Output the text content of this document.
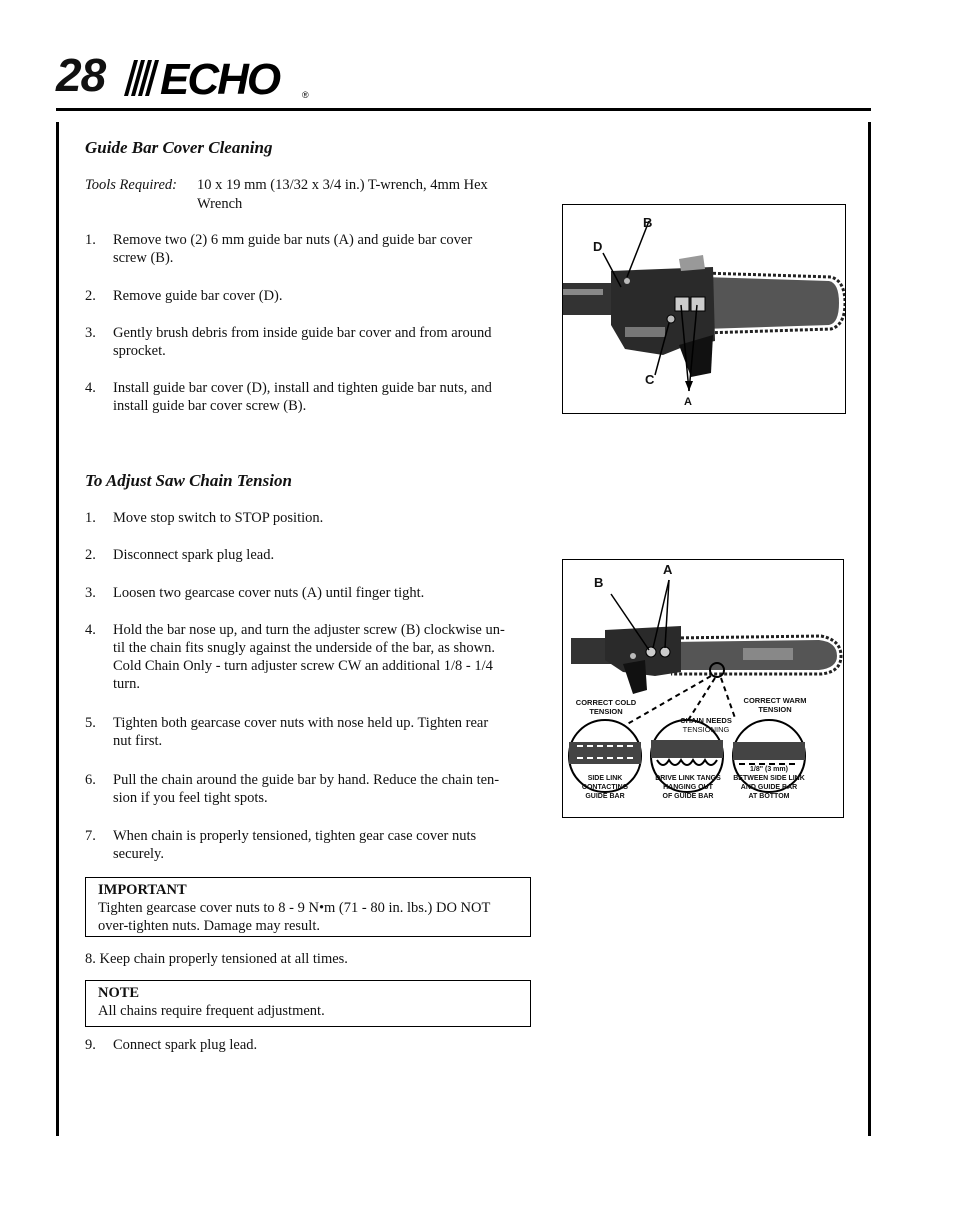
28 ECHO	®
Guide Bar Cover Cleaning
Tools Required: 10 x 19 mm (13/32 x 3/4 in.) T-wrench, 4mm Hex
Wrench
1. Remove two (2) 6 mm guide bar nuts (A) and guide bar cover
screw (B).
2. Remove guide bar cover (D).
3. Gently brush debris from inside guide bar cover and from around
sprocket.
4. Install guide bar cover (D), install and tighten guide bar nuts, and
install guide bar cover screw (B).
B
D
C
A
To Adjust Saw Chain Tension
1. Move stop switch to STOP position.
2. Disconnect spark plug lead.
3. Loosen two gearcase cover nuts (A) until finger tight.
4. Hold the bar nose up, and turn the adjuster screw (B) clockwise un-
til the chain fits snugly against the underside of the bar, as shown.
Cold Chain Only - turn adjuster screw CW an additional 1/8 - 1/4
turn.
5. Tighten both gearcase cover nuts with nose held up. Tighten rear
nut first.
6. Pull the chain around the guide bar by hand. Reduce the chain ten-
sion if you feel tight spots.
7. When chain is properly tensioned, tighten gear case cover nuts
securely.
IMPORTANT
Tighten gearcase cover nuts to 8 - 9 N•m (71 - 80 in. lbs.) DO NOT
over-tighten nuts. Damage may result.
8. Keep chain properly tensioned at all times.
NOTE
All chains require frequent adjustment.
9. Connect spark plug lead.
B
A
CORRECT COLD
TENSION
CHAIN NEEDS
TENSIONING
CORRECT WARM
TENSION
SIDE LINK
CONTACTING
GUIDE BAR
DRIVE LINK TANGS
HANGING OUT
OF GUIDE BAR
1/8" (3 mm)
BETWEEN SIDE LINK
AND GUIDE BAR
AT BOTTOM
